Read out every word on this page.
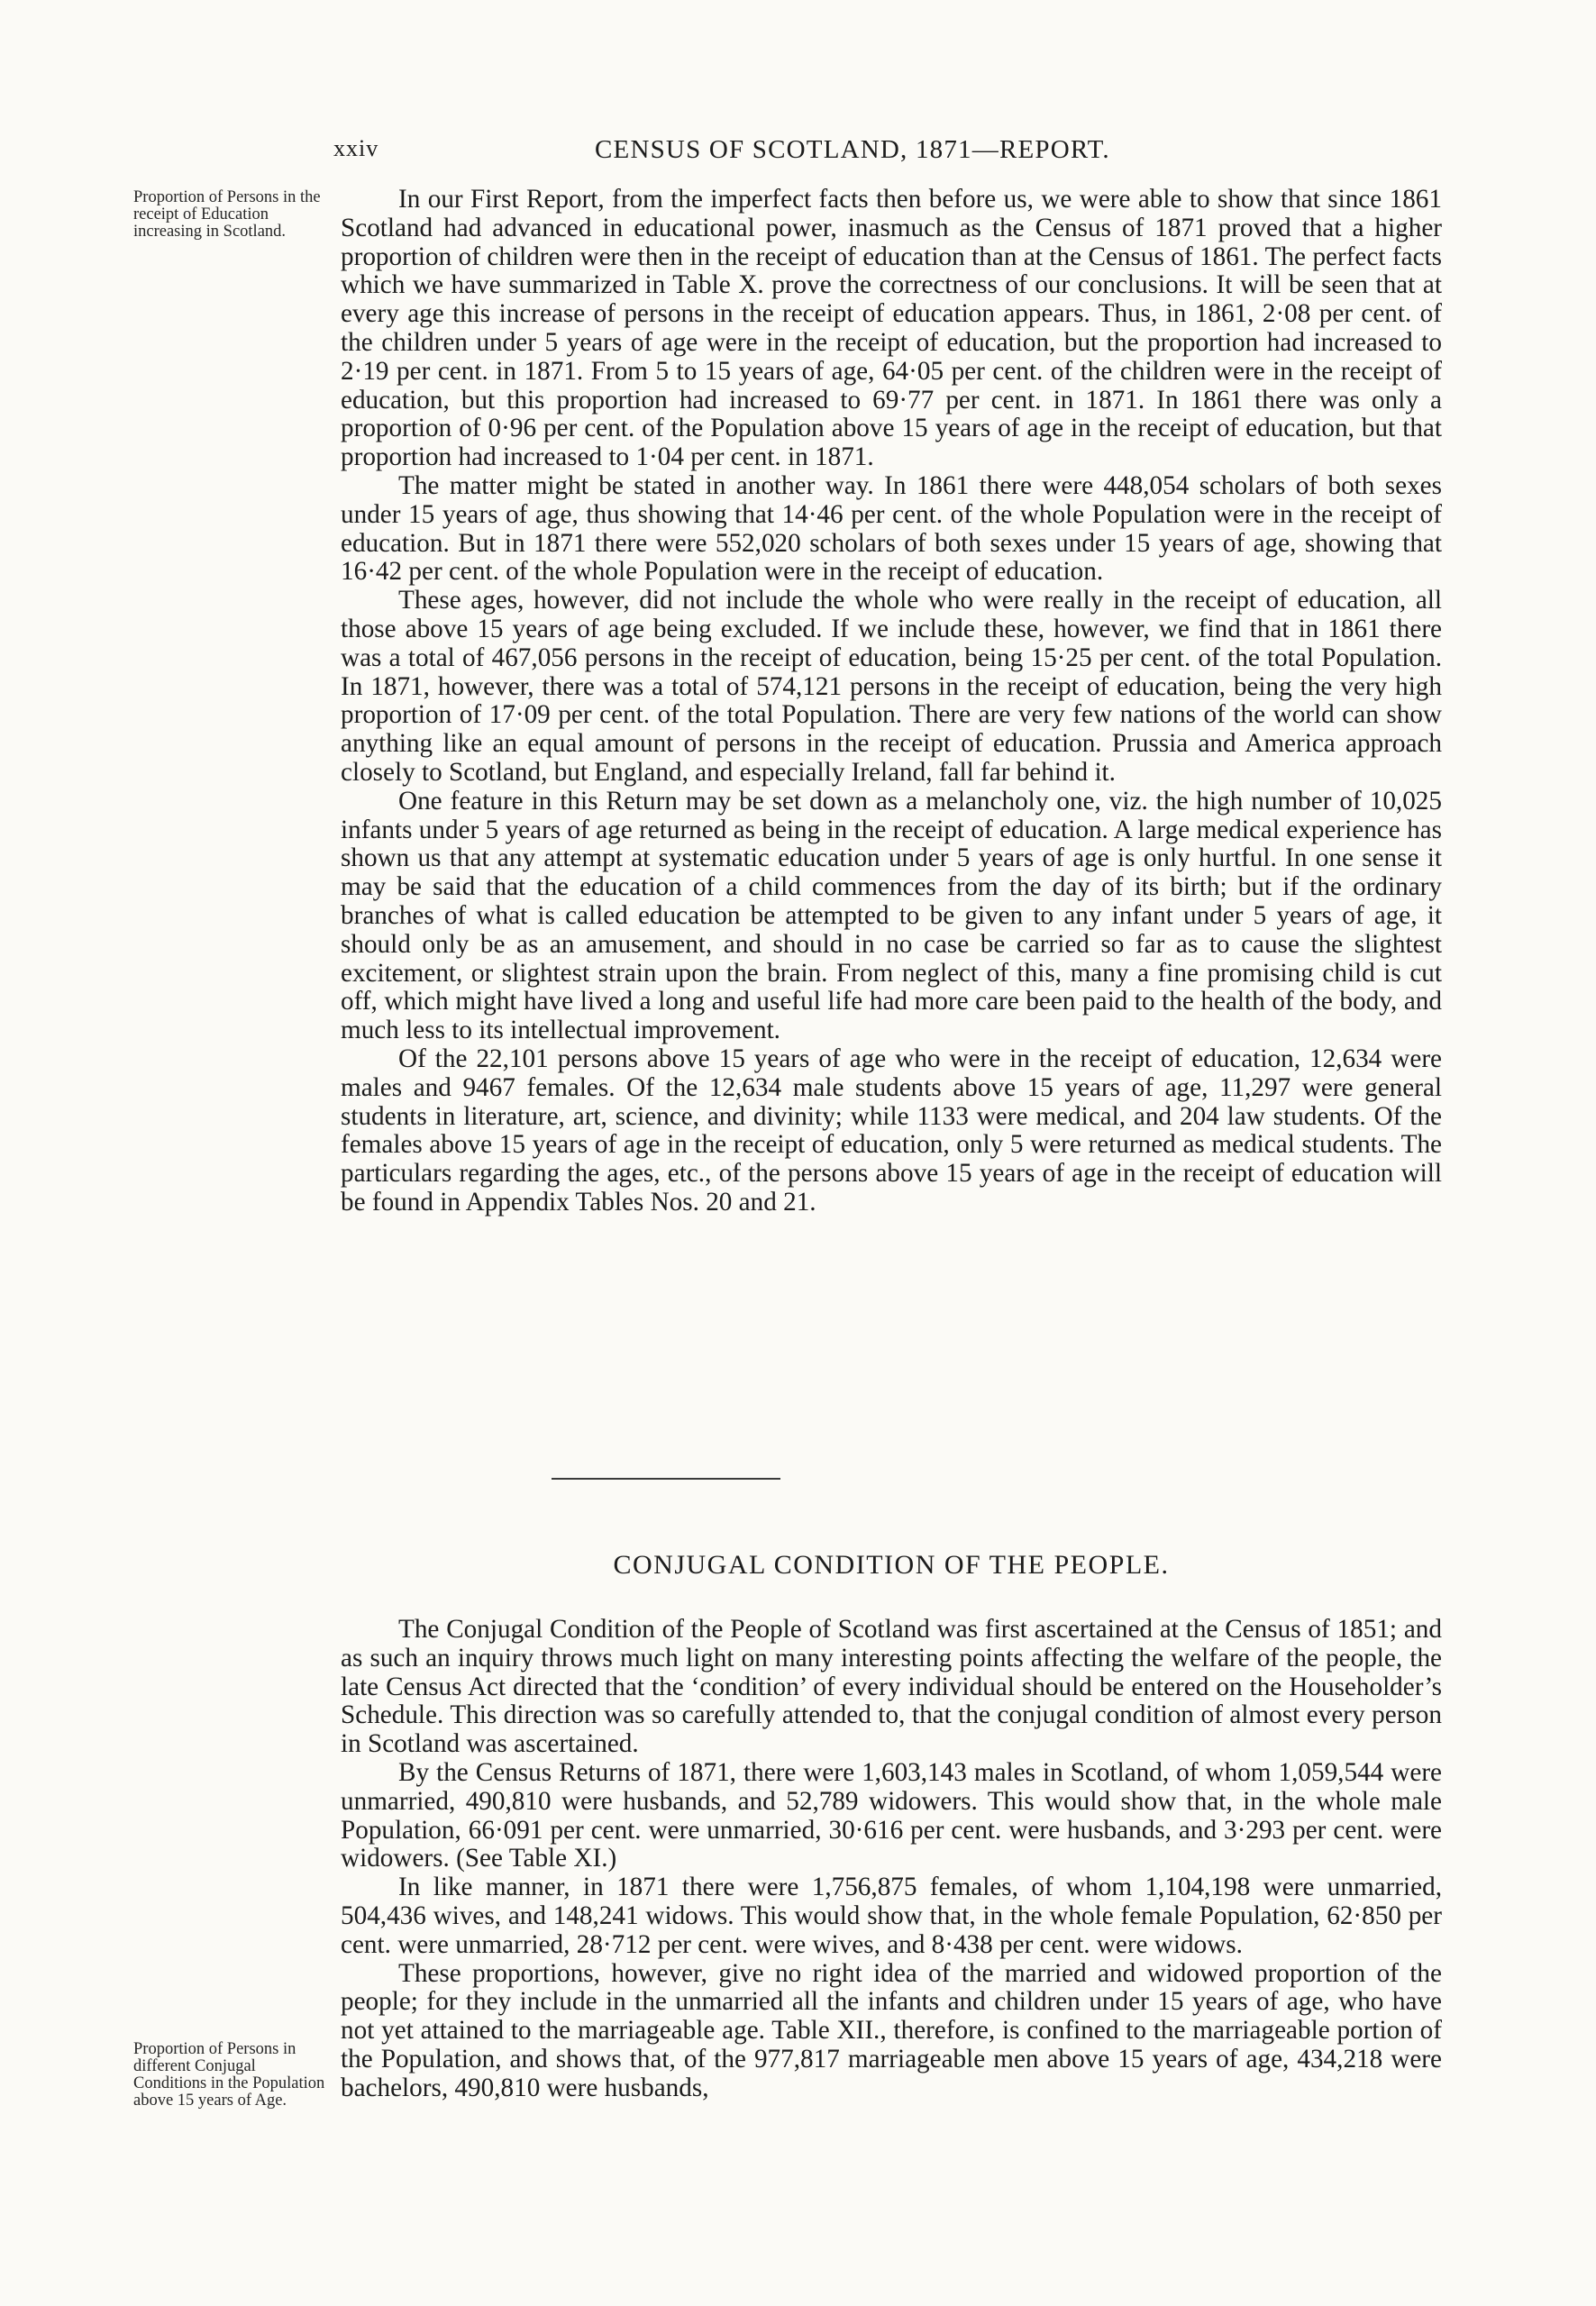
xxiv	CENSUS OF SCOTLAND, 1871—REPORT.
Proportion of Persons in the receipt of Education increasing in Scotland.
Proportion of Persons in different Conjugal Conditions in the Population above 15 years of Age.

In our First Report, from the imperfect facts then before us, we were able to show that since 1861 Scotland had advanced in educational power, inasmuch as the Census of 1871 proved that a higher proportion of children were then in the receipt of education than at the Census of 1861. The perfect facts which we have summarized in Table X. prove the correctness of our conclusions. It will be seen that at every age this increase of persons in the receipt of education appears. Thus, in 1861, 2·08 per cent. of the children under 5 years of age were in the receipt of education, but the proportion had increased to 2·19 per cent. in 1871. From 5 to 15 years of age, 64·05 per cent. of the children were in the receipt of education, but this proportion had increased to 69·77 per cent. in 1871. In 1861 there was only a proportion of 0·96 per cent. of the Population above 15 years of age in the receipt of education, but that proportion had increased to 1·04 per cent. in 1871.

The matter might be stated in another way. In 1861 there were 448,054 scholars of both sexes under 15 years of age, thus showing that 14·46 per cent. of the whole Population were in the receipt of education. But in 1871 there were 552,020 scholars of both sexes under 15 years of age, showing that 16·42 per cent. of the whole Population were in the receipt of education.

These ages, however, did not include the whole who were really in the receipt of education, all those above 15 years of age being excluded. If we include these, however, we find that in 1861 there was a total of 467,056 persons in the receipt of education, being 15·25 per cent. of the total Population. In 1871, however, there was a total of 574,121 persons in the receipt of education, being the very high proportion of 17·09 per cent. of the total Population. There are very few nations of the world can show anything like an equal amount of persons in the receipt of education. Prussia and America approach closely to Scotland, but England, and especially Ireland, fall far behind it.

One feature in this Return may be set down as a melancholy one, viz. the high number of 10,025 infants under 5 years of age returned as being in the receipt of education. A large medical experience has shown us that any attempt at systematic education under 5 years of age is only hurtful. In one sense it may be said that the education of a child commences from the day of its birth; but if the ordinary branches of what is called education be attempted to be given to any infant under 5 years of age, it should only be as an amusement, and should in no case be carried so far as to cause the slightest excitement, or slightest strain upon the brain. From neglect of this, many a fine promising child is cut off, which might have lived a long and useful life had more care been paid to the health of the body, and much less to its intellectual improvement.

Of the 22,101 persons above 15 years of age who were in the receipt of education, 12,634 were males and 9467 females. Of the 12,634 male students above 15 years of age, 11,297 were general students in literature, art, science, and divinity; while 1133 were medical, and 204 law students. Of the females above 15 years of age in the receipt of education, only 5 were returned as medical students. The particulars regarding the ages, etc., of the persons above 15 years of age in the receipt of education will be found in Appendix Tables Nos. 20 and 21.

CONJUGAL CONDITION OF THE PEOPLE.

The Conjugal Condition of the People of Scotland was first ascertained at the Census of 1851; and as such an inquiry throws much light on many interesting points affecting the welfare of the people, the late Census Act directed that the ‘condition’ of every individual should be entered on the Householder’s Schedule. This direction was so carefully attended to, that the conjugal condition of almost every person in Scotland was ascertained.

By the Census Returns of 1871, there were 1,603,143 males in Scotland, of whom 1,059,544 were unmarried, 490,810 were husbands, and 52,789 widowers. This would show that, in the whole male Population, 66·091 per cent. were unmarried, 30·616 per cent. were husbands, and 3·293 per cent. were widowers. (See Table XI.)

In like manner, in 1871 there were 1,756,875 females, of whom 1,104,198 were unmarried, 504,436 wives, and 148,241 widows. This would show that, in the whole female Population, 62·850 per cent. were unmarried, 28·712 per cent. were wives, and 8·438 per cent. were widows.

These proportions, however, give no right idea of the married and widowed proportion of the people; for they include in the unmarried all the infants and children under 15 years of age, who have not yet attained to the marriageable age. Table XII., therefore, is confined to the marriageable portion of the Population, and shows that, of the 977,817 marriageable men above 15 years of age, 434,218 were bachelors, 490,810 were husbands,
